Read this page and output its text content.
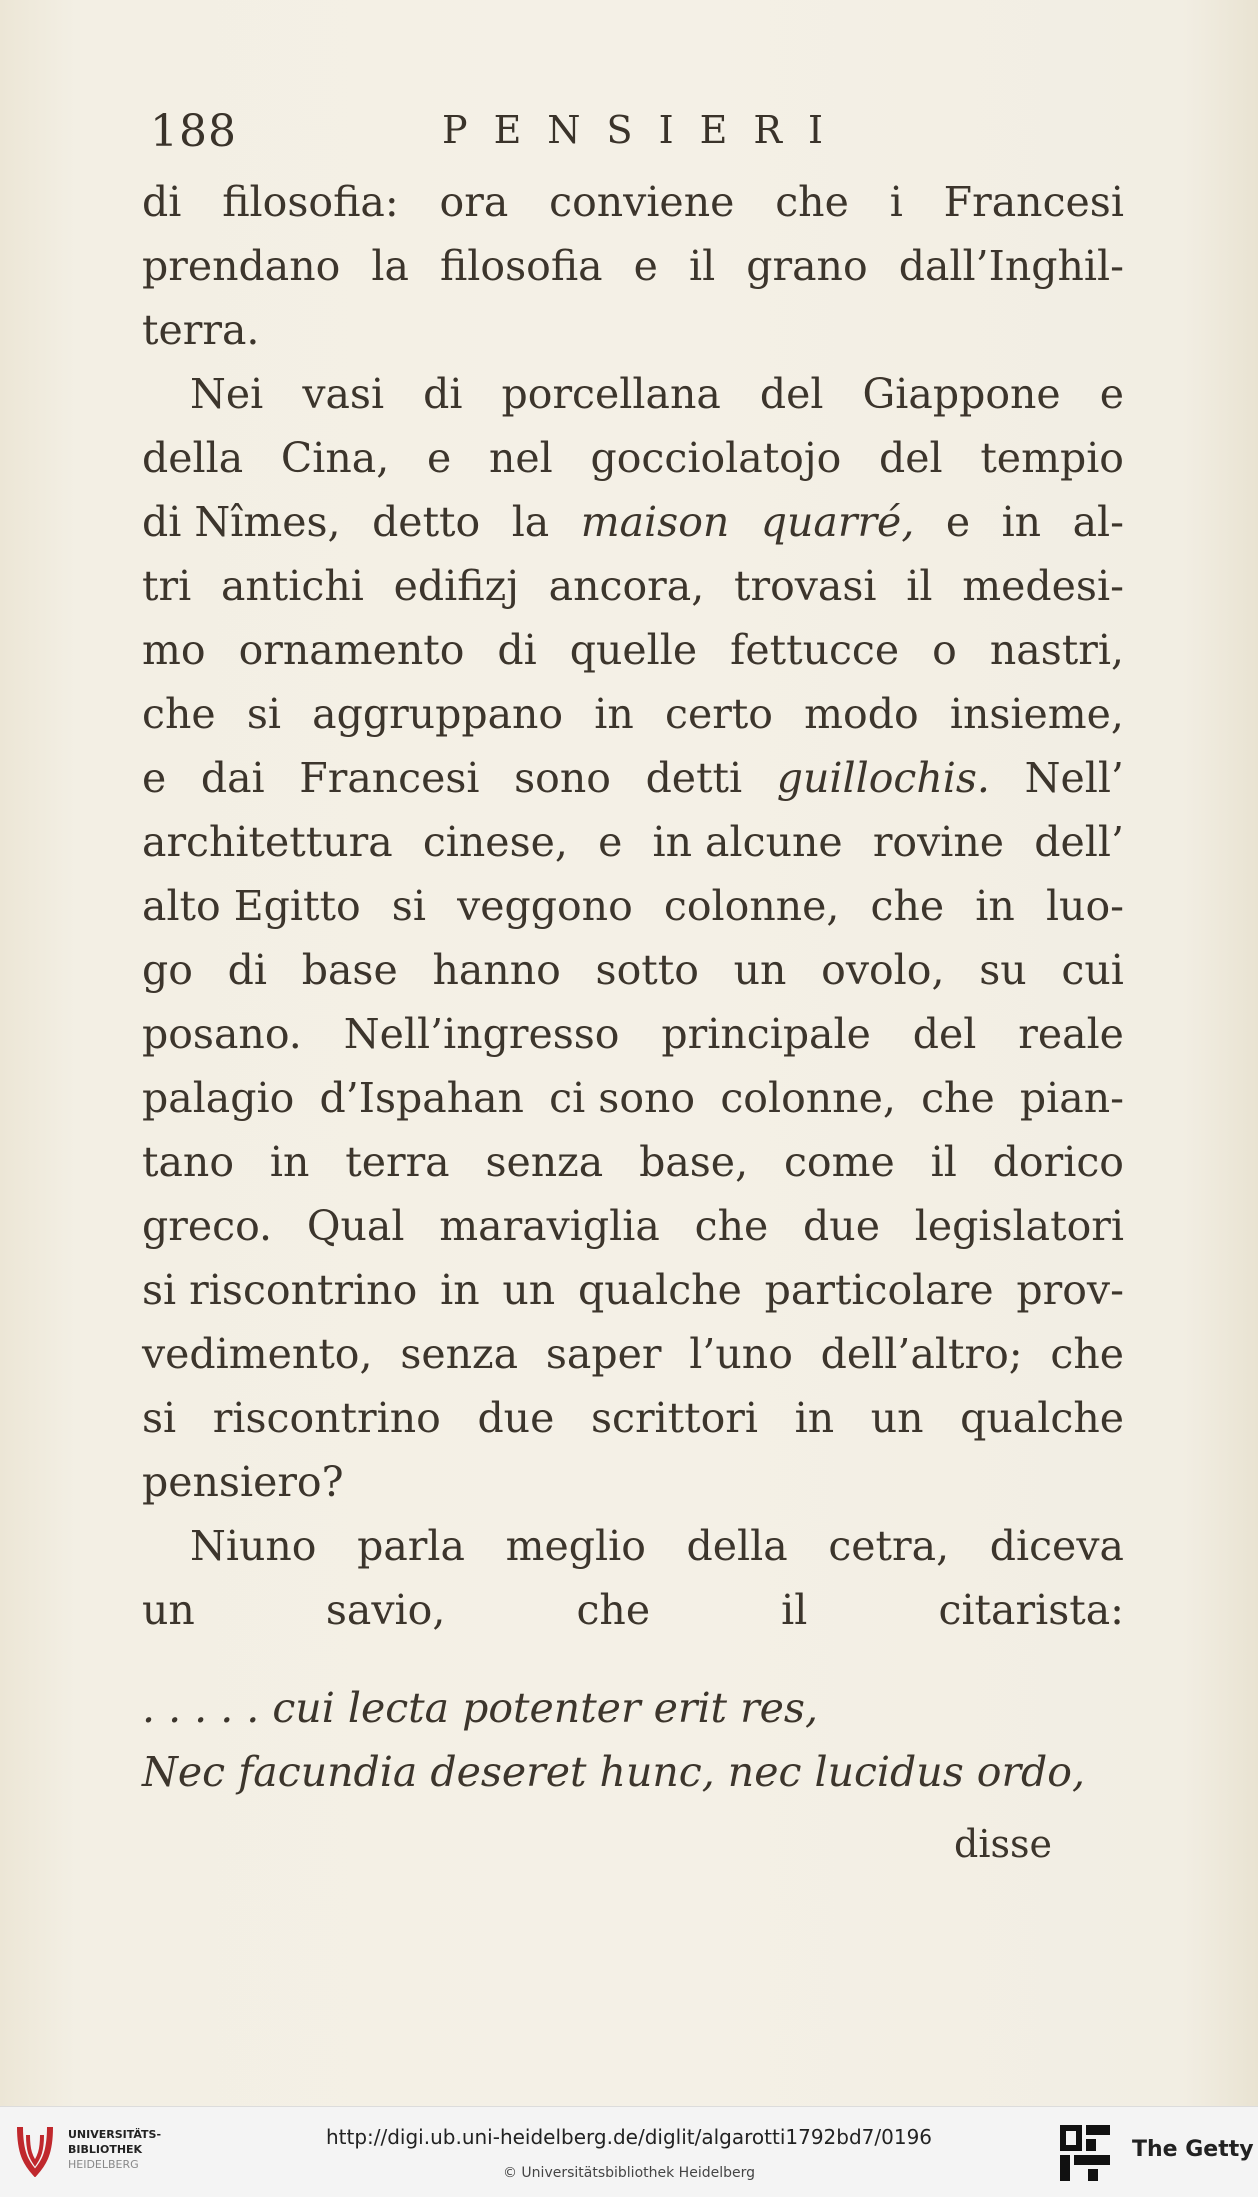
188	PENSIERI
di filosofia: ora conviene che i Francesi
prendano la filosofia e il grano dall’Inghil-
terra.
Nei vasi di porcellana del Giappone e
della Cina, e nel gocciolatojo del tempio
di Nîmes, detto la maison quarré, e in al-
tri antichi edifizj ancora, trovasi il medesi-
mo ornamento di quelle fettucce o nastri,
che si aggruppano in certo modo insieme,
e dai Francesi sono detti guillochis. Nell’
architettura cinese, e in alcune rovine dell’
alto Egitto si veggono colonne, che in luo-
go di base hanno sotto un ovolo, su cui
posano. Nell’ingresso principale del reale
palagio d’Ispahan ci sono colonne, che pian-
tano in terra senza base, come il dorico
greco. Qual maraviglia che due legislatori
si riscontrino in un qualche particolare prov-
vedimento, senza saper l’uno dell’altro; che
si riscontrino due scrittori in un qualche
pensiero?
Niuno parla meglio della cetra, diceva
un	savio,	che	il	citarista:
. . . . . cui lecta potenter erit res,
Nec facundia deseret hunc, nec lucidus ordo,
disse
UNIVERSITÄTS-
BIBLIOTHEK
HEIDELBERG
http://digi.ub.uni-heidelberg.de/diglit/algarotti1792bd7/0196
© Universitätsbibliothek Heidelberg
The Getty
